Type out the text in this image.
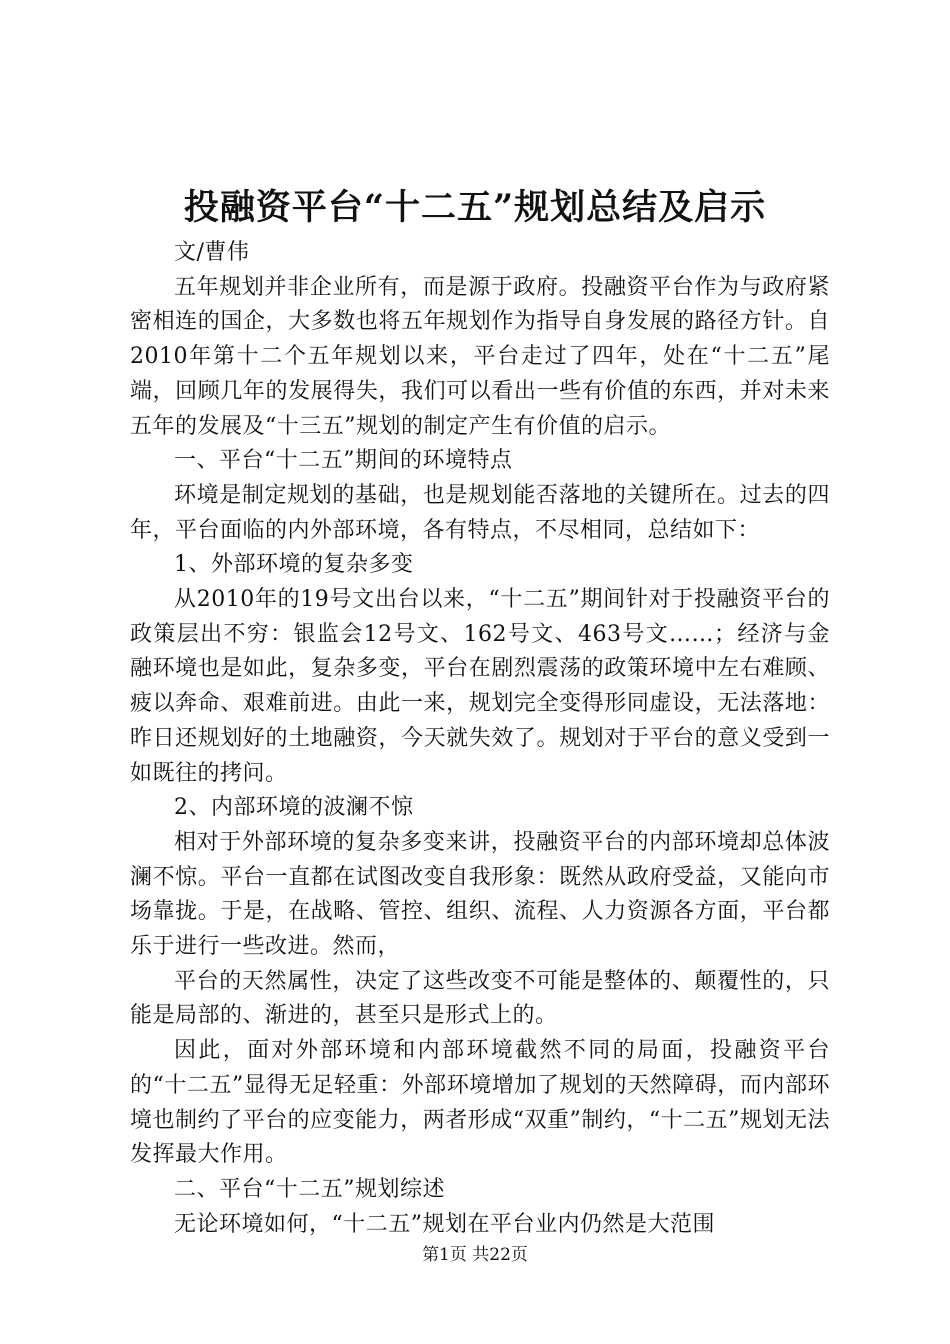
投融资平台“十二五”规划总结及启示

文/曹伟

五年规划并非企业所有，而是源于政府。投融资平台作为与政府紧密相连的国企，大多数也将五年规划作为指导自身发展的路径方针。自2010年第十二个五年规划以来，平台走过了四年，处在“十二五”尾端，回顾几年的发展得失，我们可以看出一些有价值的东西，并对未来五年的发展及“十三五”规划的制定产生有价值的启示。

一、平台“十二五”期间的环境特点

环境是制定规划的基础，也是规划能否落地的关键所在。过去的四年，平台面临的内外部环境，各有特点，不尽相同，总结如下：

1、外部环境的复杂多变

从2010年的19号文出台以来，“十二五”期间针对于投融资平台的政策层出不穷：银监会12号文、162号文、463号文……；经济与金融环境也是如此，复杂多变，平台在剧烈震荡的政策环境中左右难顾、疲以奔命、艰难前进。由此一来，规划完全变得形同虚设，无法落地：昨日还规划好的土地融资，今天就失效了。规划对于平台的意义受到一如既往的拷问。

2、内部环境的波澜不惊

相对于外部环境的复杂多变来讲，投融资平台的内部环境却总体波澜不惊。平台一直都在试图改变自我形象：既然从政府受益，又能向市场靠拢。于是，在战略、管控、组织、流程、人力资源各方面，平台都乐于进行一些改进。然而，

平台的天然属性，决定了这些改变不可能是整体的、颠覆性的，只能是局部的、渐进的，甚至只是形式上的。

因此，面对外部环境和内部环境截然不同的局面，投融资平台的“十二五”显得无足轻重：外部环境增加了规划的天然障碍，而内部环境也制约了平台的应变能力，两者形成“双重”制约，“十二五”规划无法发挥最大作用。

二、平台“十二五”规划综述

无论环境如何，“十二五”规划在平台业内仍然是大范围

第1页 共22页
